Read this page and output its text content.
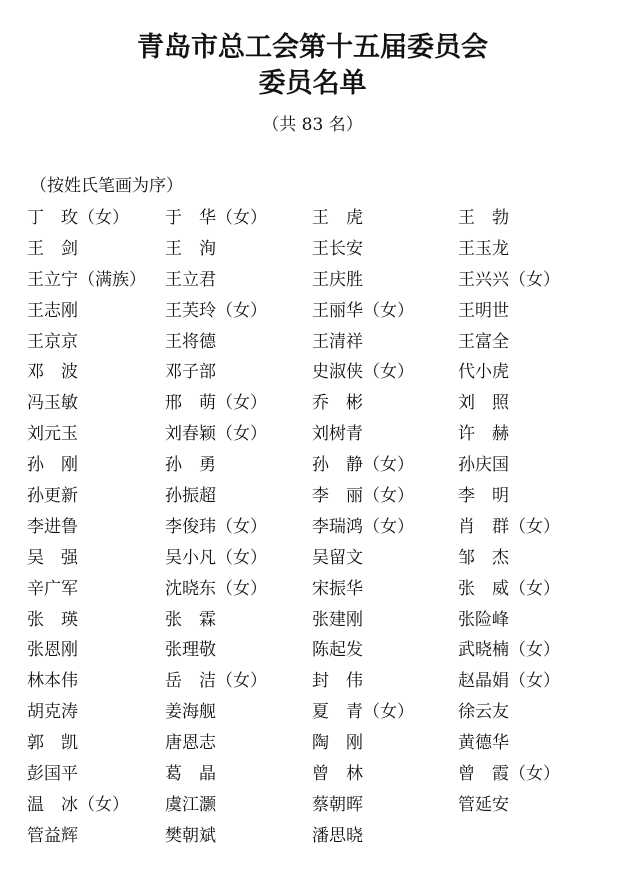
青岛市总工会第十五届委员会
委员名单
（共 83 名）
（按姓氏笔画为序）
丁　玫（女） 于　华（女）	王　虎	王　勃
王　剑	王　洵	王长安	王玉龙
王立宁（满族） 王立君	王庆胜	王兴兴（女）
王志刚	王芙玲（女）	王丽华（女）	王明世
王京京	王将德	王清祥	王富全
邓　波	邓子部	史淑侠（女）	代小虎
冯玉敏	邢　萌（女）	乔　彬	刘　照
刘元玉	刘春颖（女）	刘树青	许　赫
孙　刚	孙　勇	孙　静（女）	孙庆国
孙更新	孙振超	李　丽（女）	李　明
李进鲁	李俊玮（女）	李瑞鸿（女）	肖　群（女）
吴　强	吴小凡（女）	吴留文	邹　杰
辛广军	沈晓东（女）	宋振华	张　威（女）
张　瑛	张　霖	张建刚	张险峰
张恩刚	张理敬	陈起发	武晓楠（女）
林本伟	岳　洁（女）	封　伟	赵晶娟（女）
胡克涛	姜海舰	夏　青（女）	徐云友
郭　凯	唐恩志	陶　刚	黄德华
彭国平	葛　晶	曾　林	曾　霞（女）
温　冰（女） 虞江灏	蔡朝晖	管延安
管益辉	樊朝斌	潘思晓
